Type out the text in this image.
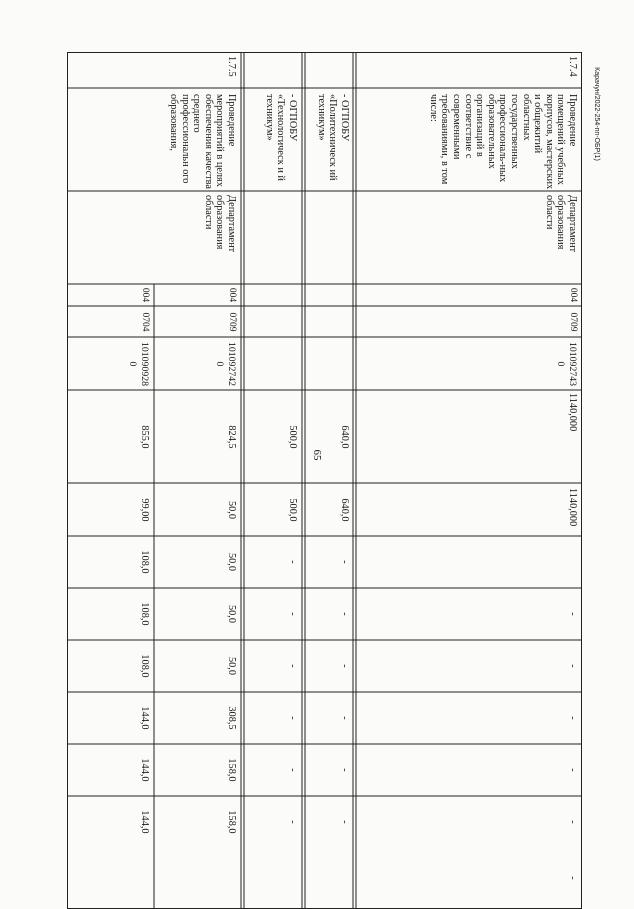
65
Карачун/2022-254-пп-ОБР(1)
1.7.4
Проведение помещений учебных корпусов, мастерских и общежитий областных государственных профессиональ-ных образовательных организаций в соответствие с современными требованиями, в том числе:
Департамент образования области
004
0709
1010927430
1140,000
1140,000
-
-
-
-
-
-
- ОГПОБУ «Политехническ ий техникум»
640,0
640,0
-
-
-
-
-
-
- ОГПОБУ «Технологическ и й техникум»
500,0
500,0
-
-
-
-
-
-
1.7.5
Проведение мероприятий в целях обеспечения качества среднего профессиональн ого образования,
Департамент образования области
004
0709
1010927420
824,5
50,0
50,0
50,0
50,0
308,5
158,0
158,0
004
0704
1010909280
855,0
99,00
108,0
108,0
108,0
144,0
144,0
144,0
